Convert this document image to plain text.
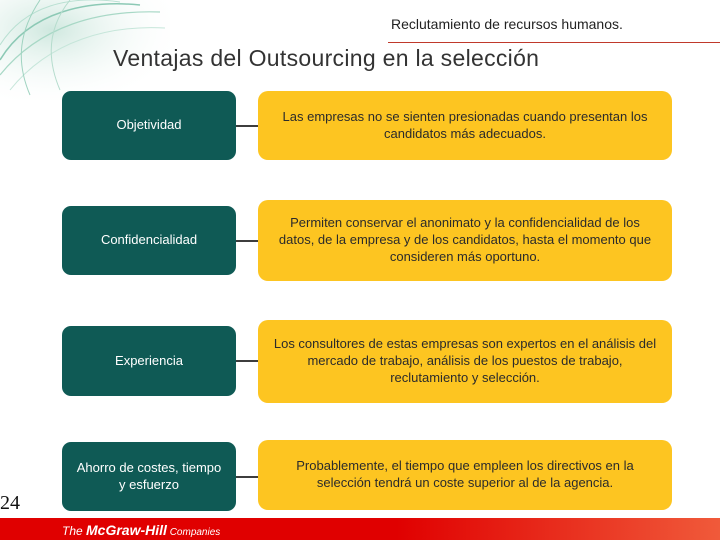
Reclutamiento de recursos humanos.
Ventajas del Outsourcing en la selección
Objetividad
Las empresas no se sienten presionadas cuando presentan los candidatos más adecuados.
Confidencialidad
Permiten conservar el anonimato y la confidencialidad de los datos, de la empresa y de los candidatos, hasta el momento que consideren más oportuno.
Experiencia
Los consultores de estas empresas son expertos en el análisis del mercado de trabajo, análisis de los puestos de trabajo, reclutamiento y selección.
Ahorro de costes, tiempo y esfuerzo
Probablemente, el tiempo que empleen los directivos en la selección tendrá un coste superior al de la agencia.
24
The McGraw-Hill Companies
